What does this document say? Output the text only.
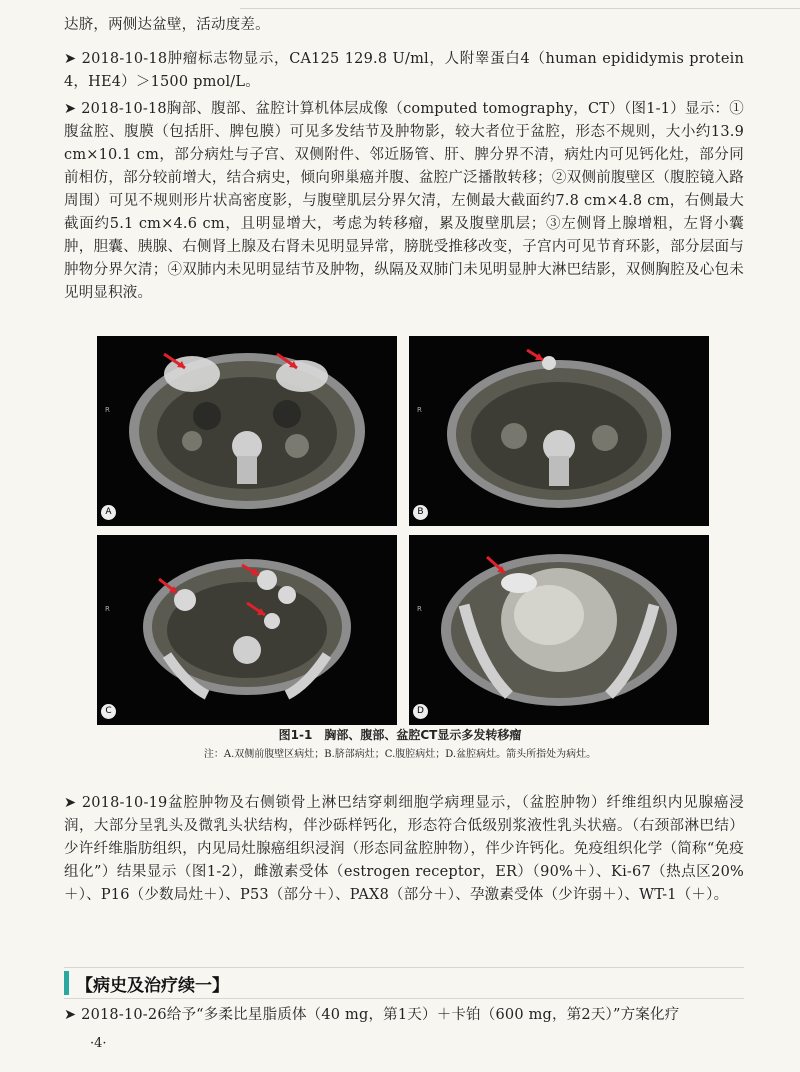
达脐，两侧达盆壁，活动度差。
➤ 2018-10-18肿瘤标志物显示，CA125 129.8 U/ml，人附睾蛋白4（human epididymis protein 4，HE4）＞1500 pmol/L。
➤ 2018-10-18胸部、腹部、盆腔计算机体层成像（computed tomography，CT）（图1-1）显示：①腹盆腔、腹膜（包括肝、脾包膜）可见多发结节及肿物影，较大者位于盆腔，形态不规则，大小约13.9 cm×10.1 cm，部分病灶与子宫、双侧附件、邻近肠管、肝、脾分界不清，病灶内可见钙化灶，部分同前相仿，部分较前增大，结合病史，倾向卵巢癌并腹、盆腔广泛播散转移；②双侧前腹壁区（腹腔镜入路周围）可见不规则形片状高密度影，与腹壁肌层分界欠清，左侧最大截面约7.8 cm×4.8 cm，右侧最大截面约5.1 cm×4.6 cm，且明显增大，考虑为转移瘤，累及腹壁肌层；③左侧肾上腺增粗，左肾小囊肿，胆囊、胰腺、右侧肾上腺及右肾未见明显异常，膀胱受推移改变，子宫内可见节育环影，部分层面与肿物分界欠清；④双肺内未见明显结节及肿物，纵隔及双肺门未见明显肿大淋巴结影，双侧胸腔及心包未见明显积液。
R
A
R
B
R
C
R
D
图1-1　胸部、腹部、盆腔CT显示多发转移瘤
注：A.双侧前腹壁区病灶；B.脐部病灶；C.腹腔病灶；D.盆腔病灶。箭头所指处为病灶。
➤ 2018-10-19盆腔肿物及右侧锁骨上淋巴结穿刺细胞学病理显示，（盆腔肿物）纤维组织内见腺癌浸润，大部分呈乳头及微乳头状结构，伴沙砾样钙化，形态符合低级别浆液性乳头状癌。（右颈部淋巴结）少许纤维脂肪组织，内见局灶腺癌组织浸润（形态同盆腔肿物），伴少许钙化。免疫组织化学（简称“免疫组化”）结果显示（图1-2），雌激素受体（estrogen receptor，ER）（90%＋）、Ki-67（热点区20%＋）、P16（少数局灶＋）、P53（部分＋）、PAX8（部分＋）、孕激素受体（少许弱＋）、WT-1（＋）。
【病史及治疗续一】
➤ 2018-10-26给予“多柔比星脂质体（40 mg，第1天）＋卡铂（600 mg，第2天）”方案化疗
·4·
